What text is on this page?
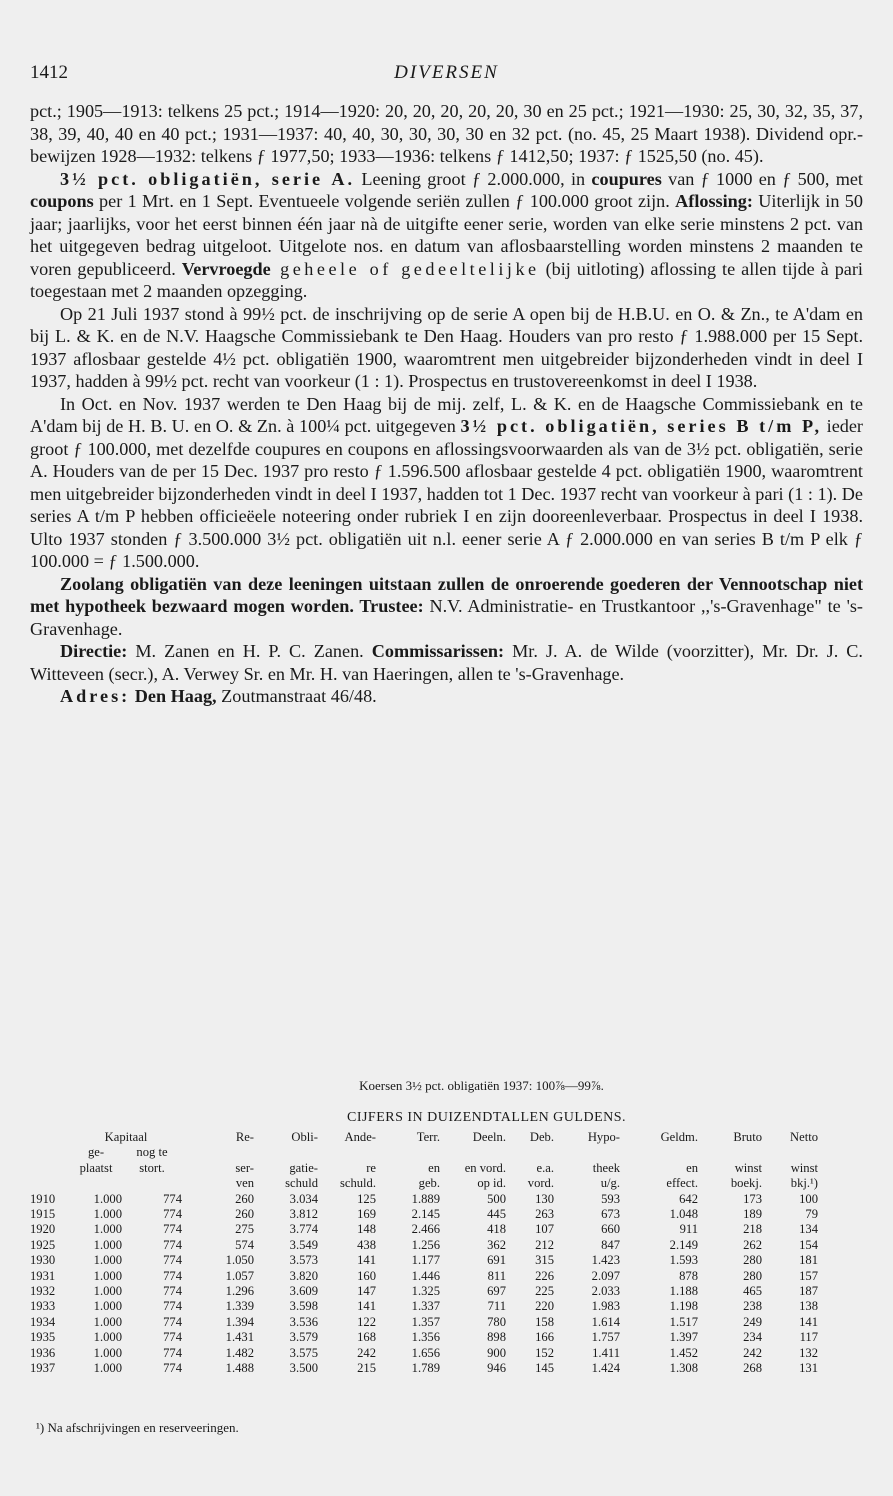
1412	DIVERSEN

pct.; 1905—1913: telkens 25 pct.; 1914—1920: 20, 20, 20, 20, 20, 30 en 25 pct.; 1921—1930: 25, 30, 32, 35, 37, 38, 39, 40, 40 en 40 pct.; 1931—1937: 40, 40, 30, 30, 30, 30 en 32 pct. (no. 45, 25 Maart 1938). Dividend opr.-bewijzen 1928—1932: telkens ƒ 1977,50; 1933—1936: telkens ƒ 1412,50; 1937: ƒ 1525,50 (no. 45).

3½ pct. obligatiën, serie A. Leening groot ƒ 2.000.000, in coupures van ƒ 1000 en ƒ 500, met coupons per 1 Mrt. en 1 Sept. Eventueele volgende seriën zullen ƒ 100.000 groot zijn. Aflossing: Uiterlijk in 50 jaar; jaarlijks, voor het eerst binnen één jaar nà de uitgifte eener serie, worden van elke serie minstens 2 pct. van het uitgegeven bedrag uitgeloot. Uitgelote nos. en datum van aflosbaarstelling worden minstens 2 maanden te voren gepubliceerd. Vervroegde geheele of gedeeltelijke (bij uitloting) aflossing te allen tijde à pari toegestaan met 2 maanden opzegging.

Op 21 Juli 1937 stond à 99½ pct. de inschrijving op de serie A open bij de H.B.U. en O. & Zn., te A'dam en bij L. & K. en de N.V. Haagsche Commissiebank te Den Haag. Houders van pro resto ƒ 1.988.000 per 15 Sept. 1937 aflosbaar gestelde 4½ pct. obligatiën 1900, waaromtrent men uitgebreider bijzonderheden vindt in deel I 1937, hadden à 99½ pct. recht van voorkeur (1 : 1). Prospectus en trustovereenkomst in deel I 1938.

In Oct. en Nov. 1937 werden te Den Haag bij de mij. zelf, L. & K. en de Haagsche Commissiebank en te A'dam bij de H. B. U. en O. & Zn. à 100¼ pct. uitgegeven 3½ pct. obligatiën, series B t/m P, ieder groot ƒ 100.000, met dezelfde coupures en coupons en aflossingsvoorwaarden als van de 3½ pct. obligatiën, serie A. Houders van de per 15 Dec. 1937 pro resto ƒ 1.596.500 aflosbaar gestelde 4 pct. obligatiën 1900, waaromtrent men uitgebreider bijzonderheden vindt in deel I 1937, hadden tot 1 Dec. 1937 recht van voorkeur à pari (1 : 1). De series A t/m P hebben officieëele noteering onder rubriek I en zijn dooreenleverbaar. Prospectus in deel I 1938. Ulto 1937 stonden ƒ 3.500.000 3½ pct. obligatiën uit n.l. eener serie A ƒ 2.000.000 en van series B t/m P elk ƒ 100.000 = ƒ 1.500.000.

Zoolang obligatiën van deze leeningen uitstaan zullen de onroerende goederen der Vennootschap niet met hypotheek bezwaard mogen worden. Trustee: N.V. Administratie- en Trustkantoor ,,'s-Gravenhage" te 's-Gravenhage.

Directie: M. Zanen en H. P. C. Zanen. Commissarissen: Mr. J. A. de Wilde (voorzitter), Mr. Dr. J. C. Witteveen (secr.), A. Verwey Sr. en Mr. H. van Haeringen, allen te 's-Gravenhage.

Adres: Den Haag, Zoutmanstraat 46/48.

Koersen 3½ pct. obligatiën 1937: 100⅞—99⅞.
CIJFERS IN DUIZENDTALLEN GULDENS.
	Kapitaal		Re-	Obli-	Ande-	Terr.	Deeln.	Deb.	Hypo-	Geldm.	Bruto	Netto
	ge-	nog te										
	plaatst	stort.	ser-	gatie-	re	en	en vord.	e.a.	theek	en	winst	winst
			ven	schuld	schuld.	geb.	op id.	vord.	u/g.	effect.	boekj.	bkj.¹)
1910	1.000	774	260	3.034	125	1.889	500	130	593	642	173	100
1915	1.000	774	260	3.812	169	2.145	445	263	673	1.048	189	79
1920	1.000	774	275	3.774	148	2.466	418	107	660	911	218	134
1925	1.000	774	574	3.549	438	1.256	362	212	847	2.149	262	154
1930	1.000	774	1.050	3.573	141	1.177	691	315	1.423	1.593	280	181
1931	1.000	774	1.057	3.820	160	1.446	811	226	2.097	878	280	157
1932	1.000	774	1.296	3.609	147	1.325	697	225	2.033	1.188	465	187
1933	1.000	774	1.339	3.598	141	1.337	711	220	1.983	1.198	238	138
1934	1.000	774	1.394	3.536	122	1.357	780	158	1.614	1.517	249	141
1935	1.000	774	1.431	3.579	168	1.356	898	166	1.757	1.397	234	117
1936	1.000	774	1.482	3.575	242	1.656	900	152	1.411	1.452	242	132
1937	1.000	774	1.488	3.500	215	1.789	946	145	1.424	1.308	268	131
¹) Na afschrijvingen en reserveeringen.
